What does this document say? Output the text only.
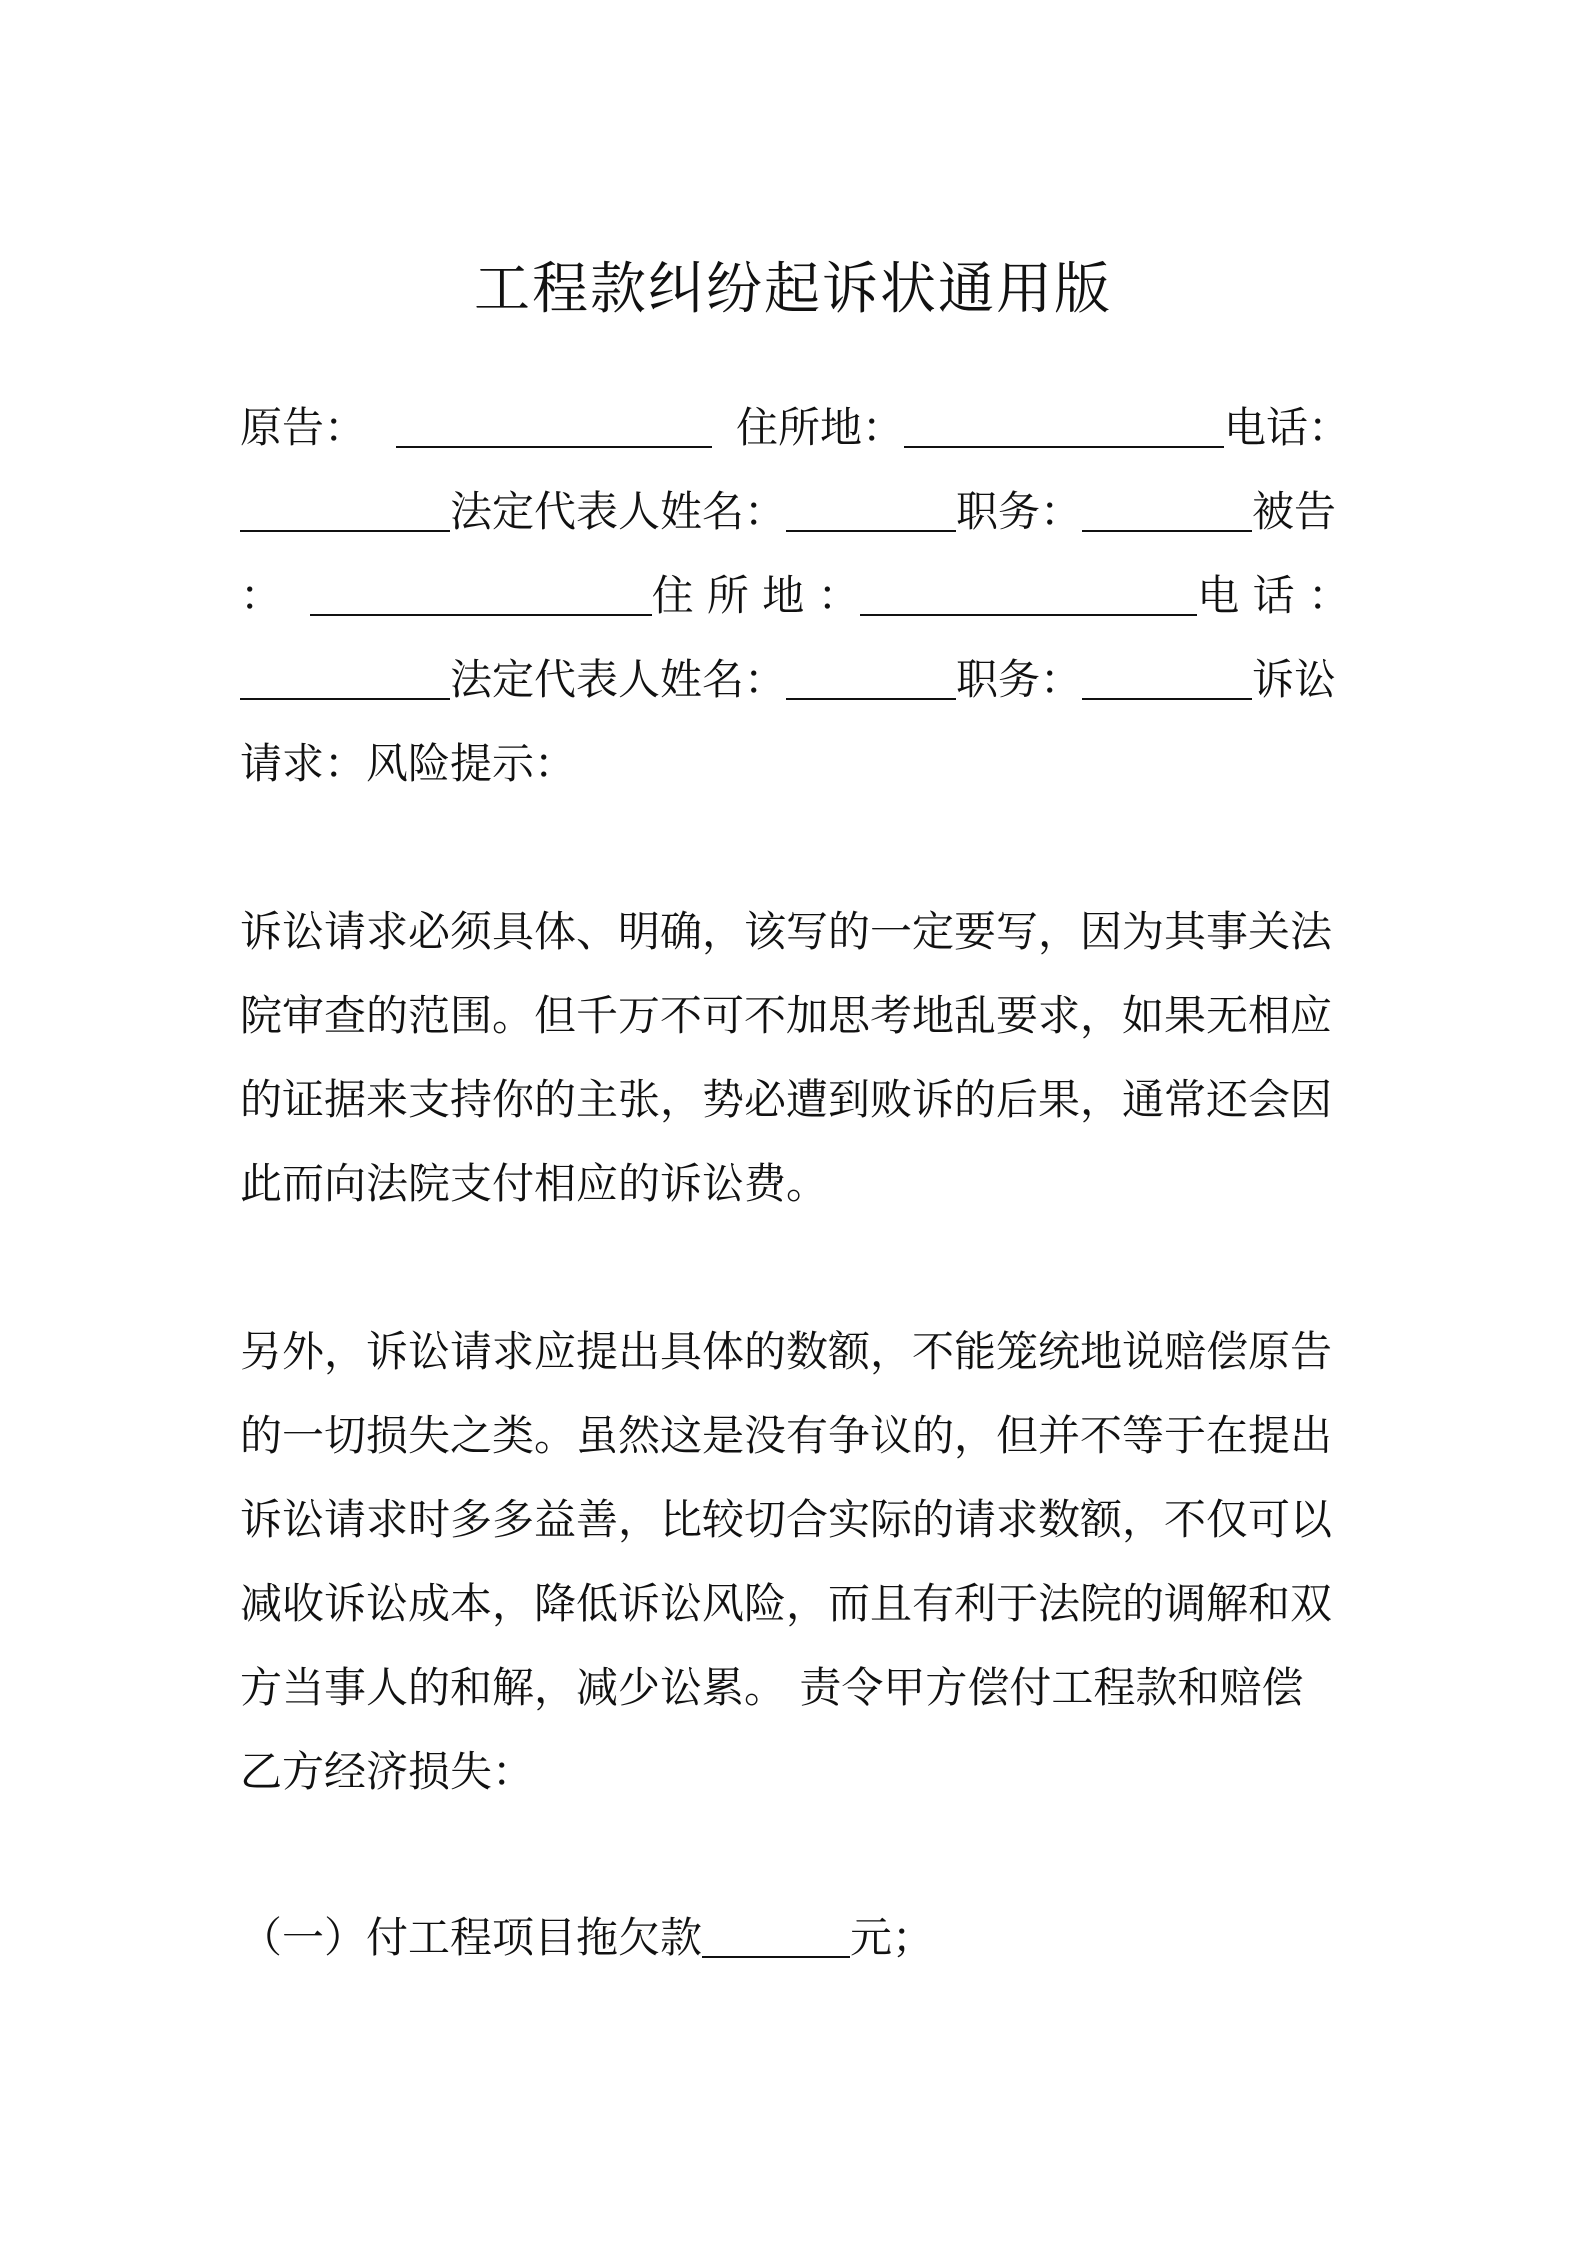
工程款纠纷起诉状通用版
原告：	住所地：	电话：
法定代表人姓名：	职务：	被告
：	住 所 地 ：	电 话 ：
法定代表人姓名：	职务：	诉讼
请求：风险提示：
诉讼请求必须具体、明确，该写的一定要写，因为其事关法
院审查的范围。但千万不可不加思考地乱要求，如果无相应
的证据来支持你的主张，势必遭到败诉的后果，通常还会因
此而向法院支付相应的诉讼费。
另外，诉讼请求应提出具体的数额，不能笼统地说赔偿原告
的一切损失之类。虽然这是没有争议的，但并不等于在提出
诉讼请求时多多益善，比较切合实际的请求数额，不仅可以
减收诉讼成本，降低诉讼风险，而且有利于法院的调解和双
方当事人的和解，减少讼累。 责令甲方偿付工程款和赔偿
乙方经济损失：
（一）付工程项目拖欠款	元；
